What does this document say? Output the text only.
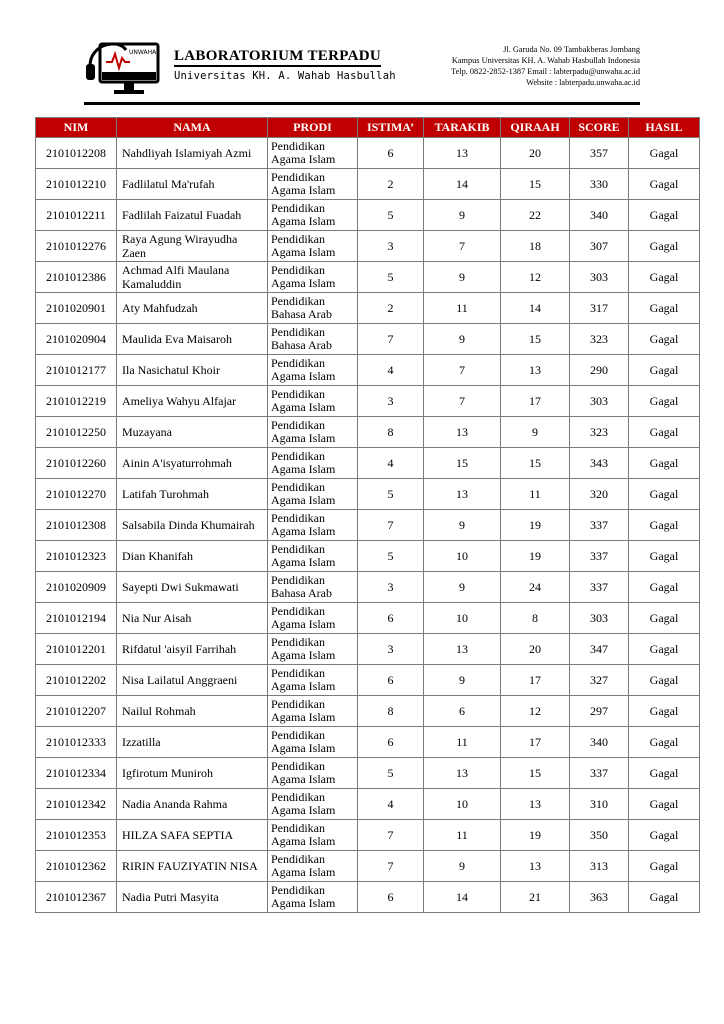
UNWAHA LABORATORIUM TERPADU
Universitas KH. A. Wahab Hasbullah
Jl. Garuda No. 09 Tambakberas Jombang
Kampus Universitas KH. A. Wahab Hasbullah Indonesia
Telp. 0822-2852-1387 Email : labterpadu@unwaha.ac.id
Website : labterpadu.unwaha.ac.id
NIM	NAMA	PRODI	ISTIMA’	TARAKIB	QIRAAH	SCORE	HASIL
2101012208	Nahdliyah Islamiyah Azmi	Pendidikan Agama Islam	6	13	20	357	Gagal
2101012210	Fadlilatul Ma'rufah	Pendidikan Agama Islam	2	14	15	330	Gagal
2101012211	Fadlilah Faizatul Fuadah	Pendidikan Agama Islam	5	9	22	340	Gagal
2101012276	Raya Agung Wirayudha Zaen	Pendidikan Agama Islam	3	7	18	307	Gagal
2101012386	Achmad Alfi Maulana Kamaluddin	Pendidikan Agama Islam	5	9	12	303	Gagal
2101020901	Aty Mahfudzah	Pendidikan Bahasa Arab	2	11	14	317	Gagal
2101020904	Maulida Eva Maisaroh	Pendidikan Bahasa Arab	7	9	15	323	Gagal
2101012177	Ila Nasichatul Khoir	Pendidikan Agama Islam	4	7	13	290	Gagal
2101012219	Ameliya Wahyu Alfajar	Pendidikan Agama Islam	3	7	17	303	Gagal
2101012250	Muzayana	Pendidikan Agama Islam	8	13	9	323	Gagal
2101012260	Ainin A'isyaturrohmah	Pendidikan Agama Islam	4	15	15	343	Gagal
2101012270	Latifah Turohmah	Pendidikan Agama Islam	5	13	11	320	Gagal
2101012308	Salsabila Dinda Khumairah	Pendidikan Agama Islam	7	9	19	337	Gagal
2101012323	Dian Khanifah	Pendidikan Agama Islam	5	10	19	337	Gagal
2101020909	Sayepti Dwi Sukmawati	Pendidikan Bahasa Arab	3	9	24	337	Gagal
2101012194	Nia Nur Aisah	Pendidikan Agama Islam	6	10	8	303	Gagal
2101012201	Rifdatul 'aisyil Farrihah	Pendidikan Agama Islam	3	13	20	347	Gagal
2101012202	Nisa Lailatul Anggraeni	Pendidikan Agama Islam	6	9	17	327	Gagal
2101012207	Nailul Rohmah	Pendidikan Agama Islam	8	6	12	297	Gagal
2101012333	Izzatilla	Pendidikan Agama Islam	6	11	17	340	Gagal
2101012334	Igfirotum Muniroh	Pendidikan Agama Islam	5	13	15	337	Gagal
2101012342	Nadia Ananda Rahma	Pendidikan Agama Islam	4	10	13	310	Gagal
2101012353	HILZA SAFA SEPTIA	Pendidikan Agama Islam	7	11	19	350	Gagal
2101012362	RIRIN FAUZIYATIN NISA	Pendidikan Agama Islam	7	9	13	313	Gagal
2101012367	Nadia Putri Masyita	Pendidikan Agama Islam	6	14	21	363	Gagal
